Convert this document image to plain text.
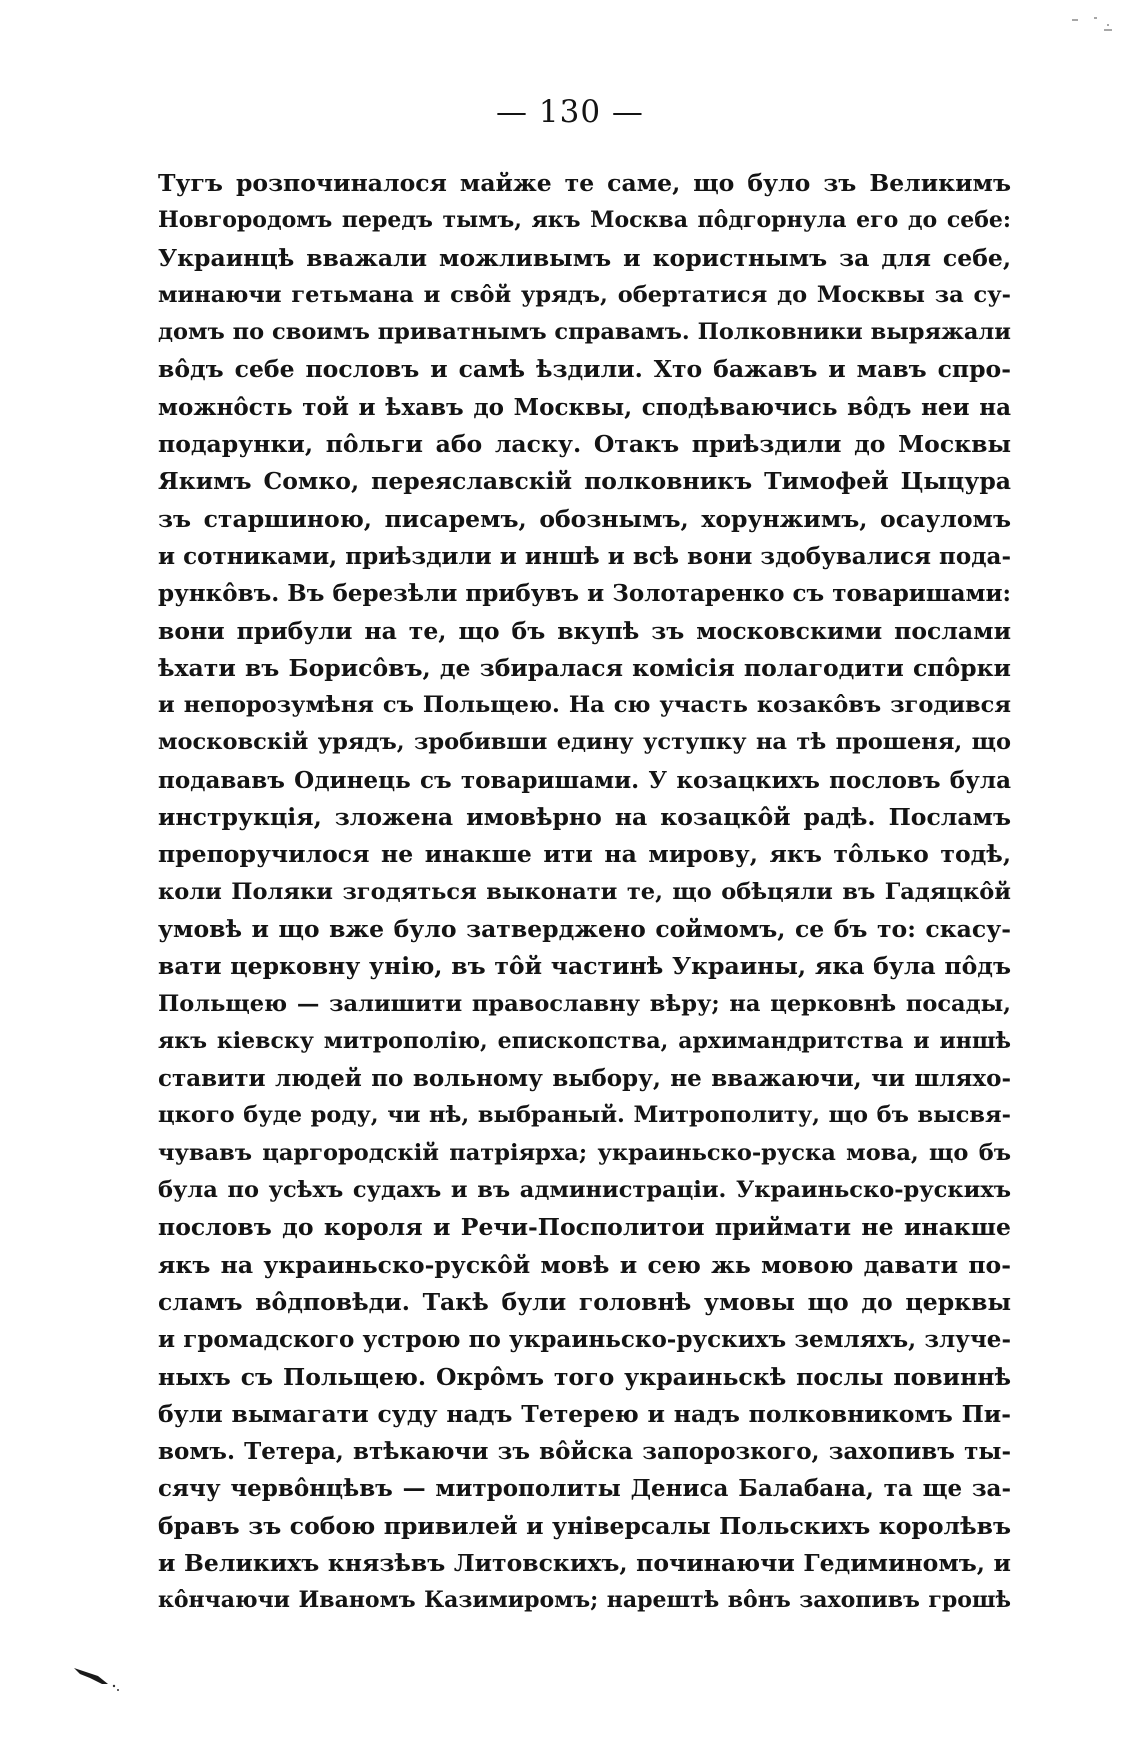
— 130 —
Тугъ розпочиналося майже те саме, що було зъ Великимъ
Новгородомъ передъ тымъ, якъ Москва пôдгорнула его до себе:
Украинцѣ вважали можливымъ и користнымъ за для себе,
минаючи гетьмана и свôй урядъ, обертатися до Москвы за су-
домъ по своимъ приватнымъ справамъ. Полковники выряжали
вôдъ себе пословъ и самѣ ѣздили. Хто бажавъ и мавъ спро-
можнôсть той и ѣхавъ до Москвы, сподѣваючись вôдъ неи на
подарунки, пôльги або ласку. Отакъ приѣздили до Москвы
Якимъ Сомко, переяславскій полковникъ Тимофей Цыцура
зъ старшиною, писаремъ, обознымъ, хорунжимъ, осауломъ
и сотниками, приѣздили и иншѣ и всѣ вони здобувалися пода-
рункôвъ. Въ березѣли прибувъ и Золотаренко съ товаришами:
вони прибули на те, що бъ вкупѣ зъ московскими послами
ѣхати въ Борисôвъ, де збиралася комісія полагодити спôрки
и непорозумѣня съ Польщею. На сю участь козакôвъ згодився
московскій урядъ, зробивши едину уступку на тѣ прошеня, що
подававъ Одинець съ товаришами. У козацкихъ пословъ була
инструкція, зложена имовѣрно на козацкôй радѣ. Посламъ
препоручилося не инакше ити на мирову, якъ тôлько тодѣ,
коли Поляки згодяться выконати те, що обѣцяли въ Гадяцкôй
умовѣ и що вже було затверджено соймомъ, се бъ то: скасу-
вати церковну унію, въ тôй частинѣ Украины, яка була пôдъ
Польщею — залишити православну вѣру; на церковнѣ посады,
якъ кіевску митрополію, епископства, архимандритства и иншѣ
ставити людей по вольному выбору, не вважаючи, чи шляхо-
цкого буде роду, чи нѣ, выбраный. Митрополиту, що бъ высвя-
чувавъ царгородскій патріярха; украиньско-руска мова, що бъ
була по усѣхъ судахъ и въ администраціи. Украиньско-рускихъ
пословъ до короля и Речи-Посполитои приймати не инакше
якъ на украиньско-рускôй мовѣ и сею жь мовою давати по-
сламъ вôдповѣди. Такѣ були головнѣ умовы що до церквы
и громадского устрою по украиньско-рускихъ земляхъ, злуче-
ныхъ съ Польщею. Окрôмъ того украиньскѣ послы повиннѣ
були вымагати суду надъ Тетерею и надъ полковникомъ Пи-
вомъ. Тетера, втѣкаючи зъ вôйска запорозкого, захопивъ ты-
сячу червôнцѣвъ — митрополиты Дениса Балабана, та ще за-
бравъ зъ собою привилей и універсалы Польскихъ королѣвъ
и Великихъ князѣвъ Литовскихъ, починаючи Гедиминомъ, и
кôнчаючи Иваномъ Казимиромъ; нарештѣ вôнъ захопивъ грошѣ
